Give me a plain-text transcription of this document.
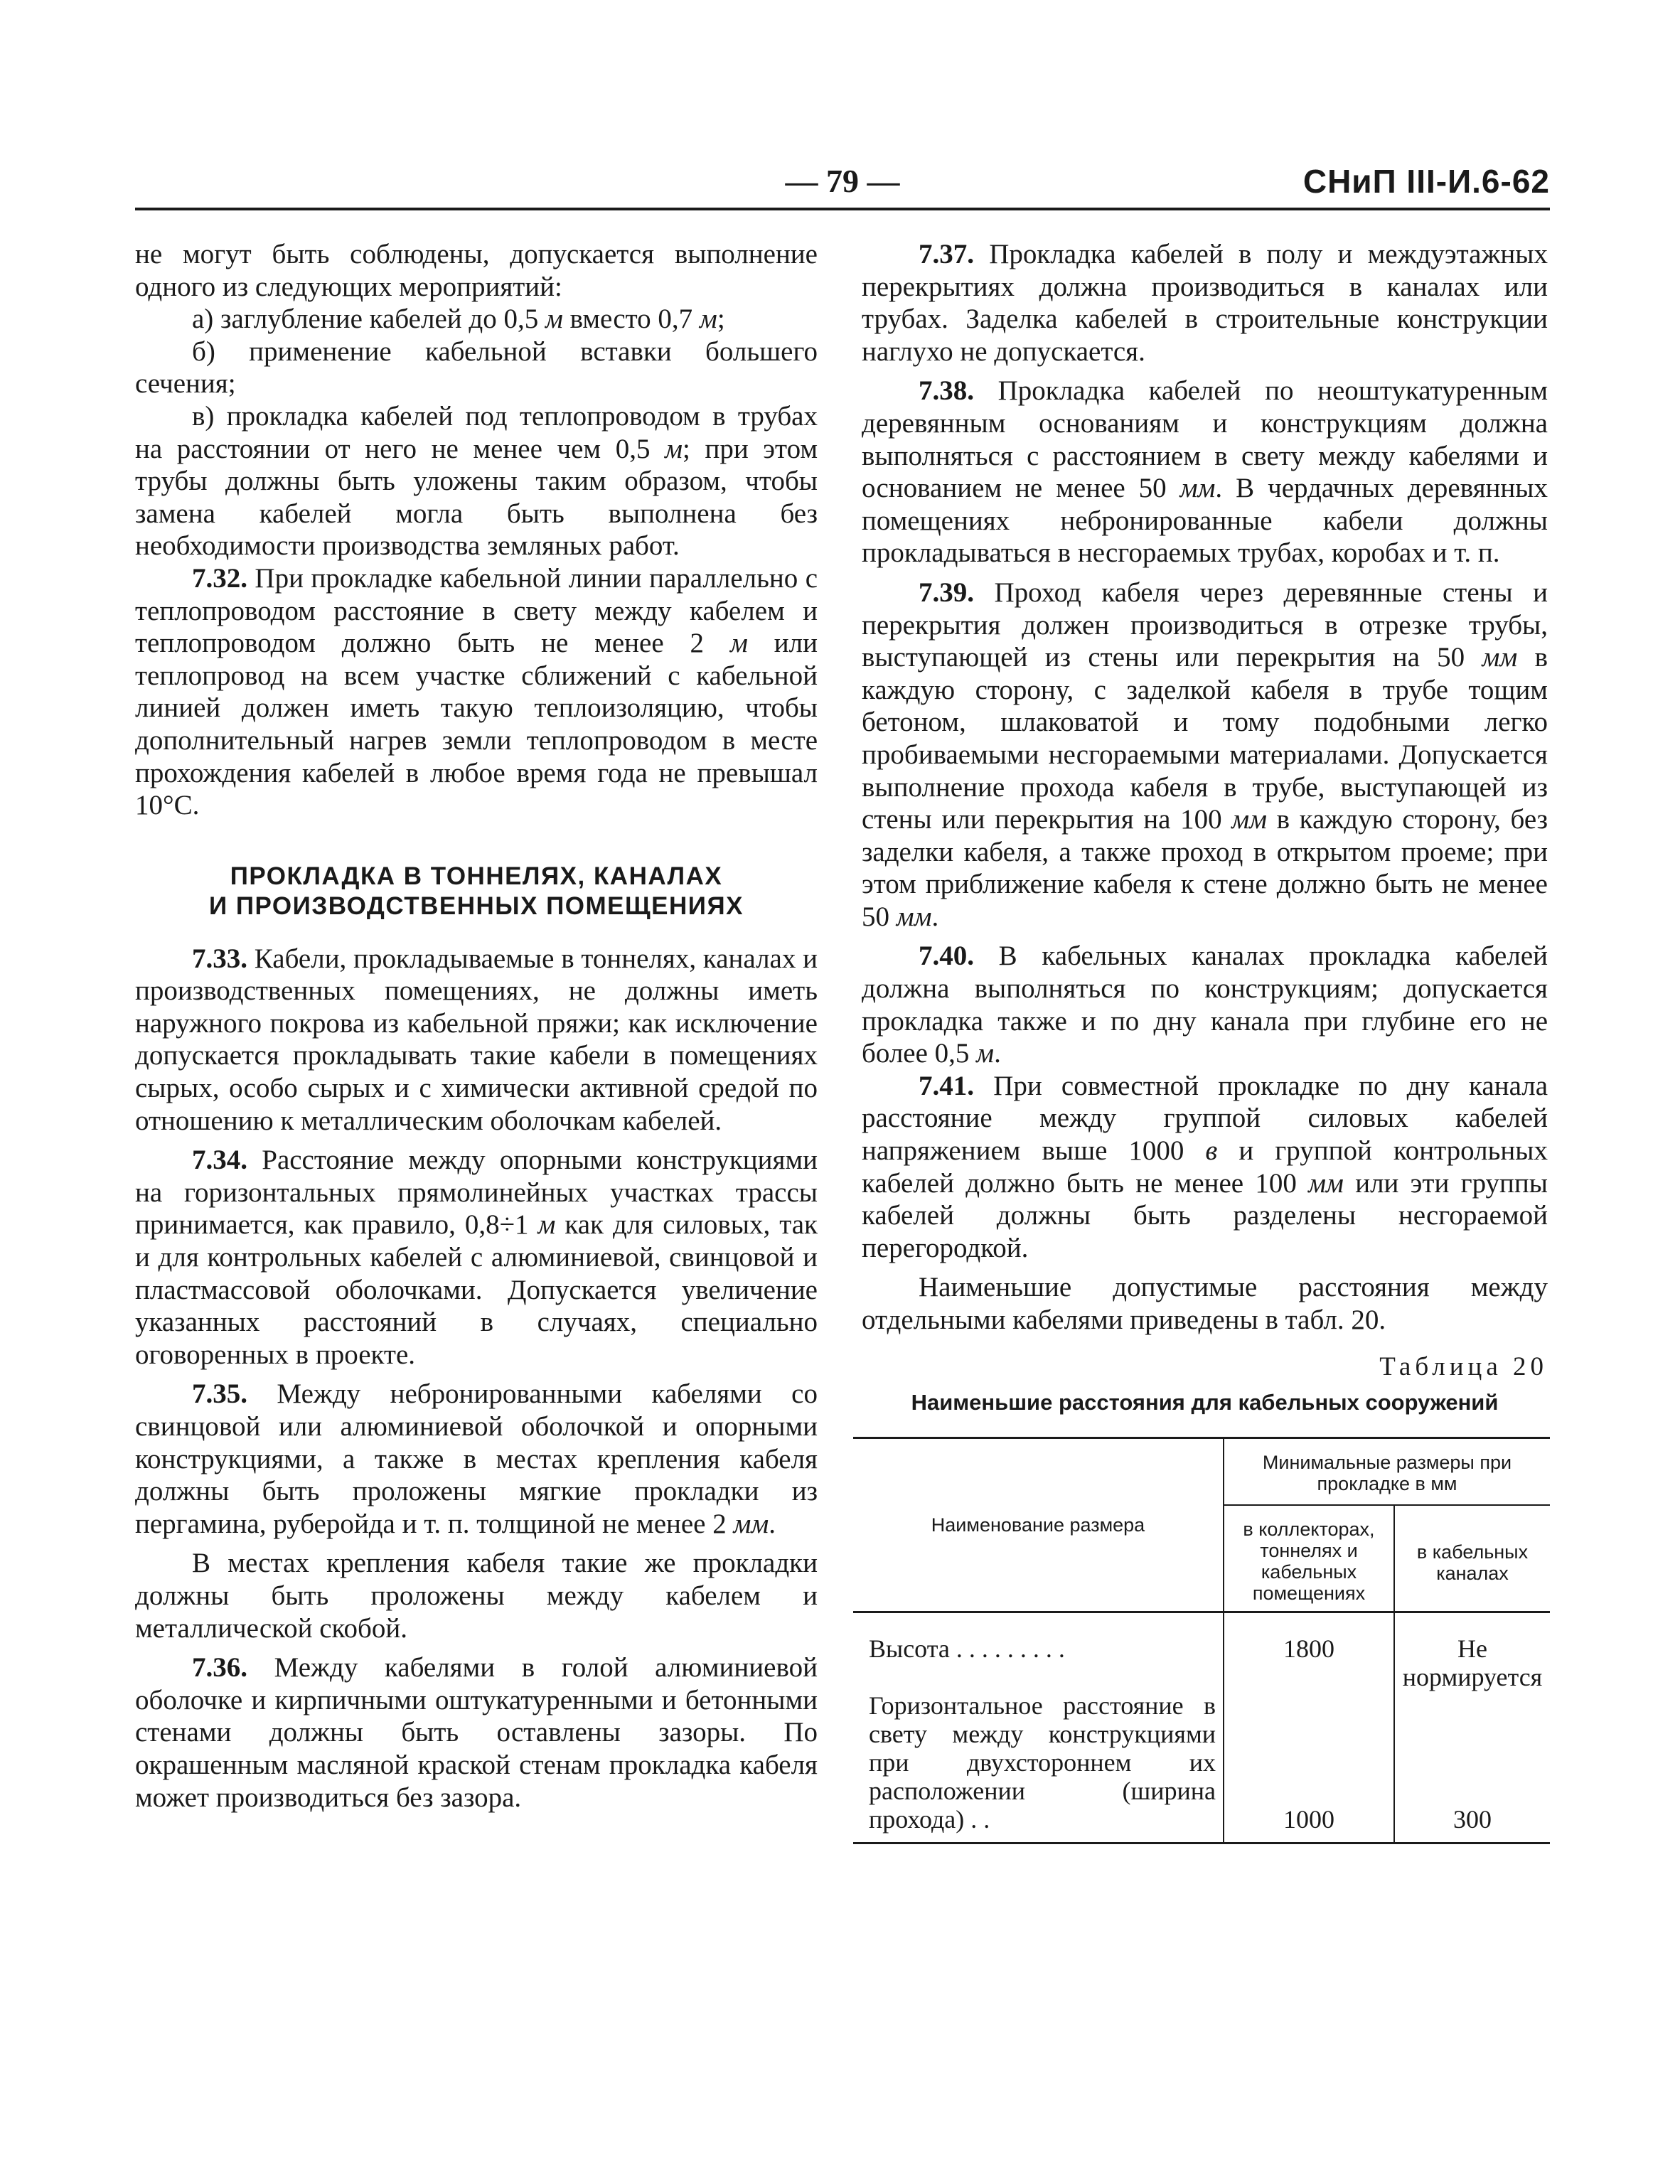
— 79 —	СНиП III-И.6-62

не могут быть соблюдены, допускается выполнение одного из следующих мероприятий:

а) заглубление кабелей до 0,5 м вместо 0,7 м;

б) применение кабельной вставки большего сечения;

в) прокладка кабелей под теплопроводом в трубах на расстоянии от него не менее чем 0,5 м; при этом трубы должны быть уложены таким образом, чтобы замена кабелей могла быть выполнена без необходимости производства земляных работ.

7.32. При прокладке кабельной линии параллельно с теплопроводом расстояние в свету между кабелем и теплопроводом должно быть не менее 2 м или теплопровод на всем участке сближений с кабельной линией должен иметь такую теплоизоляцию, чтобы дополнительный нагрев земли теплопроводом в месте прохождения кабелей в любое время года не превышал 10°С.

ПРОКЛАДКА В ТОННЕЛЯХ, КАНАЛАХ
И ПРОИЗВОДСТВЕННЫХ ПОМЕЩЕНИЯХ

7.33. Кабели, прокладываемые в тоннелях, каналах и производственных помещениях, не должны иметь наружного покрова из кабельной пряжи; как исключение допускается прокладывать такие кабели в помещениях сырых, особо сырых и с химически активной средой по отношению к металлическим оболочкам кабелей.

7.34. Расстояние между опорными конструкциями на горизонтальных прямолинейных участках трассы принимается, как правило, 0,8÷1 м как для силовых, так и для контрольных кабелей с алюминиевой, свинцовой и пластмассовой оболочками. Допускается увеличение указанных расстояний в случаях, специально оговоренных в проекте.

7.35. Между небронированными кабелями со свинцовой или алюминиевой оболочкой и опорными конструкциями, а также в местах крепления кабеля должны быть проложены мягкие прокладки из пергамина, руберойда и т. п. толщиной не менее 2 мм.

В местах крепления кабеля такие же прокладки должны быть проложены между кабелем и металлической скобой.

7.36. Между кабелями в голой алюминиевой оболочке и кирпичными оштукатуренными и бетонными стенами должны быть оставлены зазоры. По окрашенным масляной краской стенам прокладка кабеля может производиться без зазора.

7.37. Прокладка кабелей в полу и междуэтажных перекрытиях должна производиться в каналах или трубах. Заделка кабелей в строительные конструкции наглухо не допускается.

7.38. Прокладка кабелей по неоштукатуренным деревянным основаниям и конструкциям должна выполняться с расстоянием в свету между кабелями и основанием не менее 50 мм. В чердачных деревянных помещениях небронированные кабели должны прокладываться в несгораемых трубах, коробах и т. п.

7.39. Проход кабеля через деревянные стены и перекрытия должен производиться в отрезке трубы, выступающей из стены или перекрытия на 50 мм в каждую сторону, с заделкой кабеля в трубе тощим бетоном, шлаковатой и тому подобными легко пробиваемыми несгораемыми материалами. Допускается выполнение прохода кабеля в трубе, выступающей из стены или перекрытия на 100 мм в каждую сторону, без заделки кабеля, а также проход в открытом проеме; при этом приближение кабеля к стене должно быть не менее 50 мм.

7.40. В кабельных каналах прокладка кабелей должна выполняться по конструкциям; допускается прокладка также и по дну канала при глубине его не более 0,5 м.

7.41. При совместной прокладке по дну канала расстояние между группой силовых кабелей напряжением выше 1000 в и группой контрольных кабелей должно быть не менее 100 мм или эти группы кабелей должны быть разделены несгораемой перегородкой.

Наименьшие допустимые расстояния между отдельными кабелями приведены в табл. 20.

Таблица 20

Наименьшие расстояния для кабельных сооружений

Наименование размера	Минимальные размеры при прокладке в мм	
	в коллекторах, тоннелях и кабельных помещениях	в кабельных каналах
Высота . . . . . . . . .	1800	Не нормируется
Горизонтальное расстояние в свету между конструкциями при двухстороннем их расположении (ширина прохода) . .	1000	300
